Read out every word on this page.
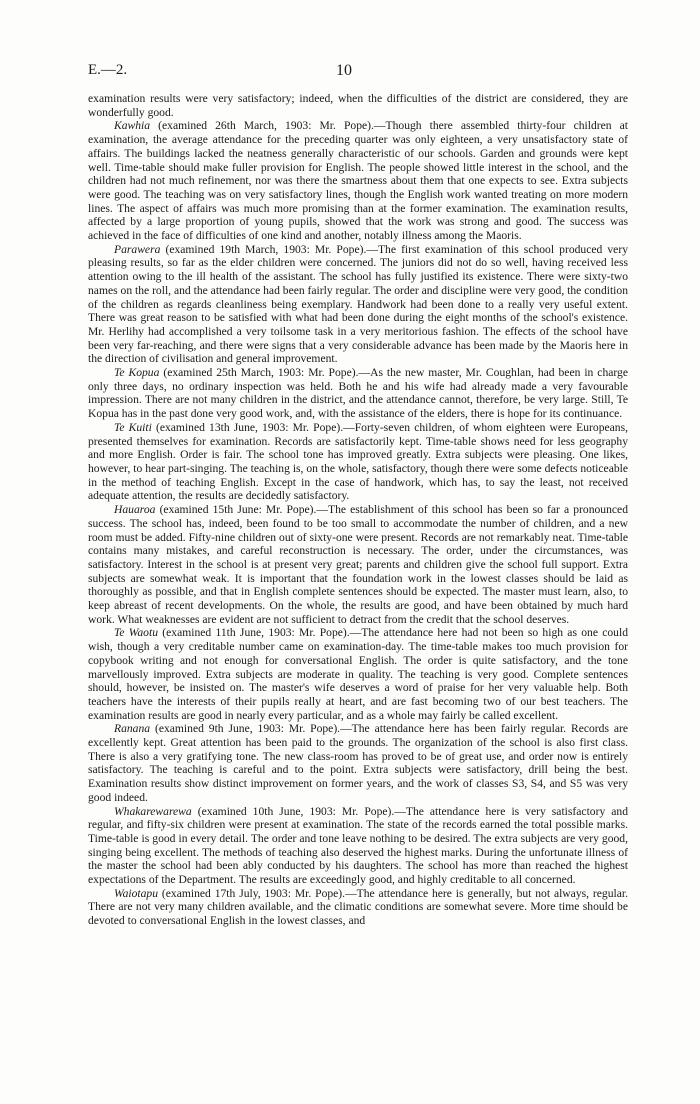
E.—2.	10

examination results were very satisfactory; indeed, when the difficulties of the district are considered, they are wonderfully good.

Kawhia (examined 26th March, 1903: Mr. Pope).—Though there assembled thirty-four children at examination, the average attendance for the preceding quarter was only eighteen, a very unsatisfactory state of affairs. The buildings lacked the neatness generally characteristic of our schools. Garden and grounds were kept well. Time-table should make fuller provision for English. The people showed little interest in the school, and the children had not much refinement, nor was there the smartness about them that one expects to see. Extra subjects were good. The teaching was on very satisfactory lines, though the English work wanted treating on more modern lines. The aspect of affairs was much more promising than at the former examination. The examination results, affected by a large proportion of young pupils, showed that the work was strong and good. The success was achieved in the face of difficulties of one kind and another, notably illness among the Maoris.

Parawera (examined 19th March, 1903: Mr. Pope).—The first examination of this school produced very pleasing results, so far as the elder children were concerned. The juniors did not do so well, having received less attention owing to the ill health of the assistant. The school has fully justified its existence. There were sixty-two names on the roll, and the attendance had been fairly regular. The order and discipline were very good, the condition of the children as regards cleanliness being exemplary. Handwork had been done to a really very useful extent. There was great reason to be satisfied with what had been done during the eight months of the school's existence. Mr. Herlihy had accomplished a very toilsome task in a very meritorious fashion. The effects of the school have been very far-reaching, and there were signs that a very considerable advance has been made by the Maoris here in the direction of civilisation and general improvement.

Te Kopua (examined 25th March, 1903: Mr. Pope).—As the new master, Mr. Coughlan, had been in charge only three days, no ordinary inspection was held. Both he and his wife had already made a very favourable impression. There are not many children in the district, and the attendance cannot, therefore, be very large. Still, Te Kopua has in the past done very good work, and, with the assistance of the elders, there is hope for its continuance.

Te Kuiti (examined 13th June, 1903: Mr. Pope).—Forty-seven children, of whom eighteen were Europeans, presented themselves for examination. Records are satisfactorily kept. Time-table shows need for less geography and more English. Order is fair. The school tone has improved greatly. Extra subjects were pleasing. One likes, however, to hear part-singing. The teaching is, on the whole, satisfactory, though there were some defects noticeable in the method of teaching English. Except in the case of handwork, which has, to say the least, not received adequate attention, the results are decidedly satisfactory.

Hauaroa (examined 15th June: Mr. Pope).—The establishment of this school has been so far a pronounced success. The school has, indeed, been found to be too small to accommodate the number of children, and a new room must be added. Fifty-nine children out of sixty-one were present. Records are not remarkably neat. Time-table contains many mistakes, and careful reconstruction is necessary. The order, under the circumstances, was satisfactory. Interest in the school is at present very great; parents and children give the school full support. Extra subjects are somewhat weak. It is important that the foundation work in the lowest classes should be laid as thoroughly as possible, and that in English complete sentences should be expected. The master must learn, also, to keep abreast of recent developments. On the whole, the results are good, and have been obtained by much hard work. What weaknesses are evident are not sufficient to detract from the credit that the school deserves.

Te Waotu (examined 11th June, 1903: Mr. Pope).—The attendance here had not been so high as one could wish, though a very creditable number came on examination-day. The time-table makes too much provision for copybook writing and not enough for conversational English. The order is quite satisfactory, and the tone marvellously improved. Extra subjects are moderate in quality. The teaching is very good. Complete sentences should, however, be insisted on. The master's wife deserves a word of praise for her very valuable help. Both teachers have the interests of their pupils really at heart, and are fast becoming two of our best teachers. The examination results are good in nearly every particular, and as a whole may fairly be called excellent.

Ranana (examined 9th June, 1903: Mr. Pope).—The attendance here has been fairly regular. Records are excellently kept. Great attention has been paid to the grounds. The organization of the school is also first class. There is also a very gratifying tone. The new class-room has proved to be of great use, and order now is entirely satisfactory. The teaching is careful and to the point. Extra subjects were satisfactory, drill being the best. Examination results show distinct improvement on former years, and the work of classes S3, S4, and S5 was very good indeed.

Whakarewarewa (examined 10th June, 1903: Mr. Pope).—The attendance here is very satisfactory and regular, and fifty-six children were present at examination. The state of the records earned the total possible marks. Time-table is good in every detail. The order and tone leave nothing to be desired. The extra subjects are very good, singing being excellent. The methods of teaching also deserved the highest marks. During the unfortunate illness of the master the school had been ably conducted by his daughters. The school has more than reached the highest expectations of the Department. The results are exceedingly good, and highly creditable to all concerned.

Waiotapu (examined 17th July, 1903: Mr. Pope).—The attendance here is generally, but not always, regular. There are not very many children available, and the climatic conditions are somewhat severe. More time should be devoted to conversational English in the lowest classes, and
